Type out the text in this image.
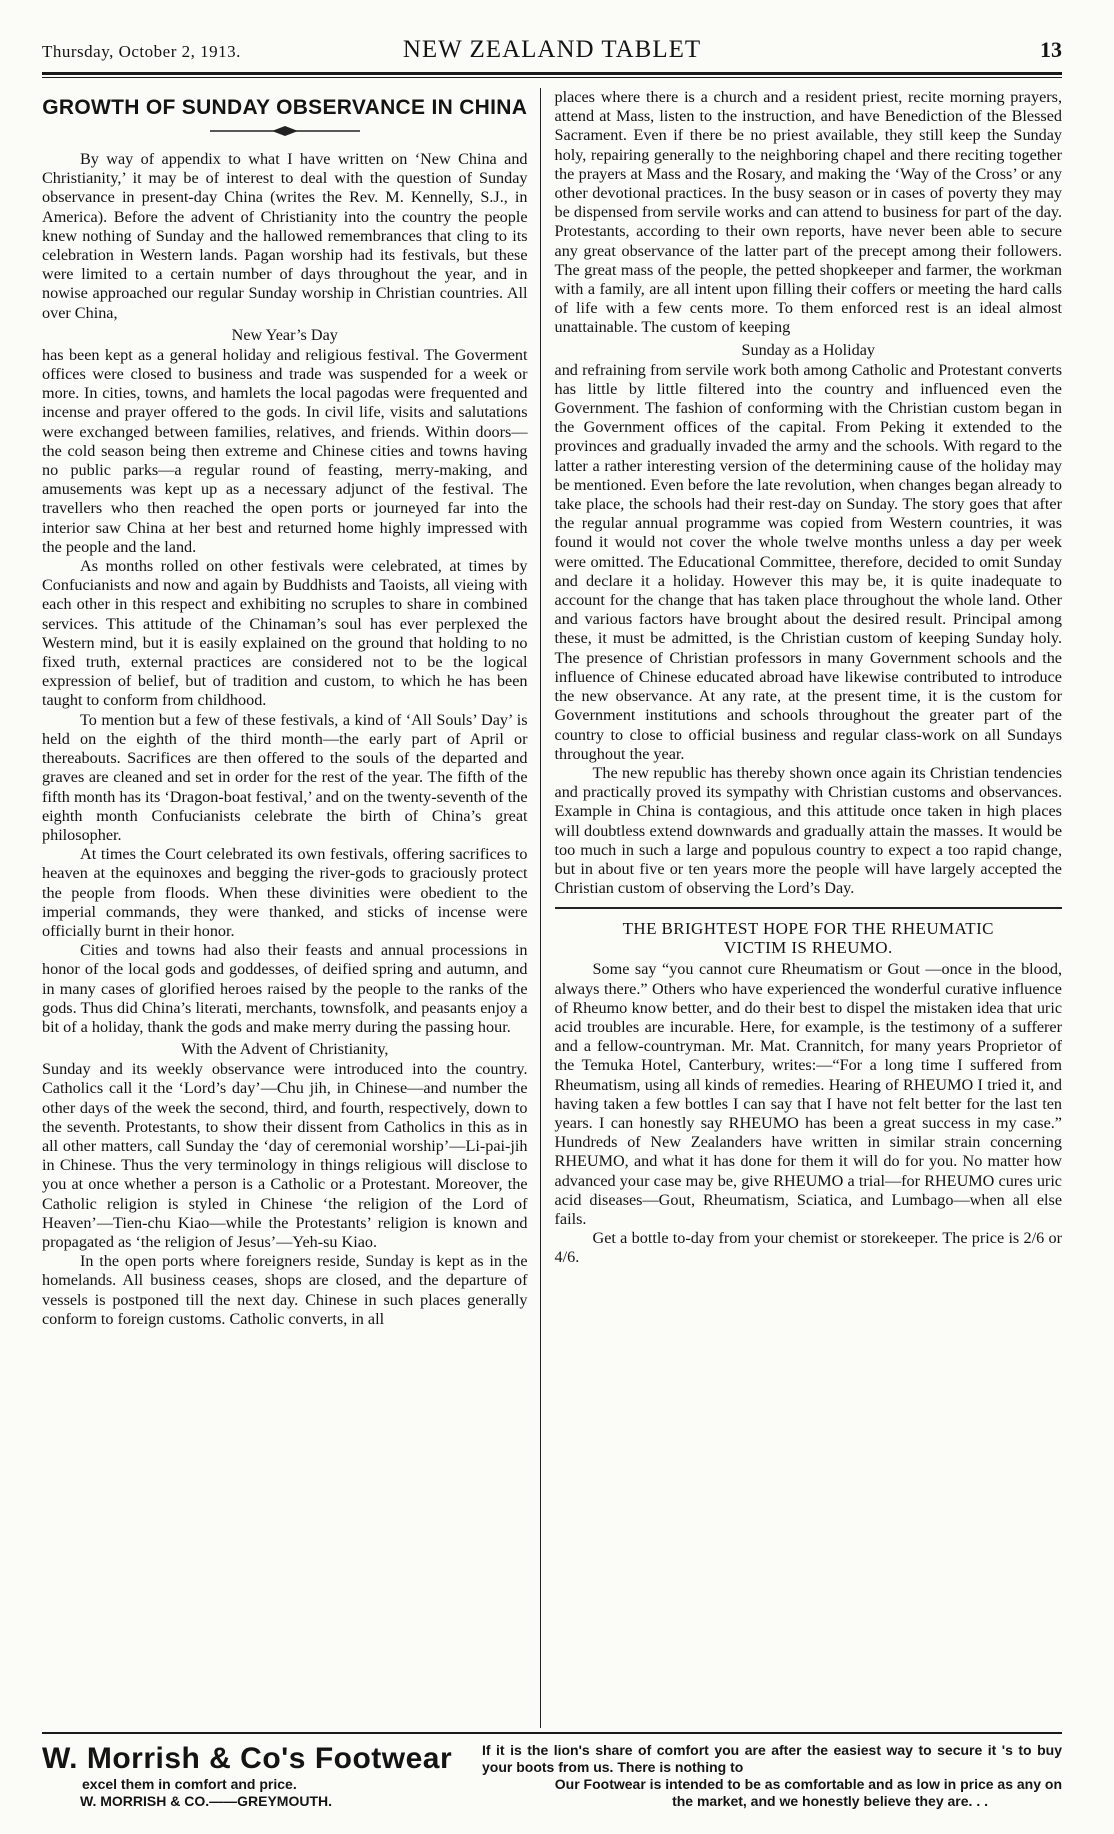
Thursday, October 2, 1913.	NEW ZEALAND TABLET	13
GROWTH OF SUNDAY OBSERVANCE IN CHINA
By way of appendix to what I have written on ‘New China and Christianity,’ it may be of interest to deal with the question of Sunday observance in present-day China (writes the Rev. M. Kennelly, S.J., in America). Before the advent of Christianity into the country the people knew nothing of Sunday and the hallowed remembrances that cling to its celebration in Western lands. Pagan worship had its festivals, but these were limited to a certain number of days throughout the year, and in nowise approached our regular Sunday worship in Christian countries. All over China,
New Year’s Day
has been kept as a general holiday and religious festival. The Goverment offices were closed to business and trade was suspended for a week or more. In cities, towns, and hamlets the local pagodas were frequented and incense and prayer offered to the gods. In civil life, visits and salutations were exchanged between families, relatives, and friends. Within doors—the cold season being then extreme and Chinese cities and towns having no public parks—a regular round of feasting, merry-making, and amusements was kept up as a necessary adjunct of the festival. The travellers who then reached the open ports or journeyed far into the interior saw China at her best and returned home highly impressed with the people and the land.
As months rolled on other festivals were celebrated, at times by Confucianists and now and again by Buddhists and Taoists, all vieing with each other in this respect and exhibiting no scruples to share in combined services. This attitude of the Chinaman’s soul has ever perplexed the Western mind, but it is easily explained on the ground that holding to no fixed truth, external practices are considered not to be the logical expression of belief, but of tradition and custom, to which he has been taught to conform from childhood.
To mention but a few of these festivals, a kind of ‘All Souls’ Day’ is held on the eighth of the third month—the early part of April or thereabouts. Sacrifices are then offered to the souls of the departed and graves are cleaned and set in order for the rest of the year. The fifth of the fifth month has its ‘Dragon-boat festival,’ and on the twenty-seventh of the eighth month Confucianists celebrate the birth of China’s great philosopher.
At times the Court celebrated its own festivals, offering sacrifices to heaven at the equinoxes and begging the river-gods to graciously protect the people from floods. When these divinities were obedient to the imperial commands, they were thanked, and sticks of incense were officially burnt in their honor.
Cities and towns had also their feasts and annual processions in honor of the local gods and goddesses, of deified spring and autumn, and in many cases of glorified heroes raised by the people to the ranks of the gods. Thus did China’s literati, merchants, townsfolk, and peasants enjoy a bit of a holiday, thank the gods and make merry during the passing hour.
With the Advent of Christianity,
Sunday and its weekly observance were introduced into the country. Catholics call it the ‘Lord’s day’—Chu jih, in Chinese—and number the other days of the week the second, third, and fourth, respectively, down to the seventh. Protestants, to show their dissent from Catholics in this as in all other matters, call Sunday the ‘day of ceremonial worship’—Li-pai-jih in Chinese. Thus the very terminology in things religious will disclose to you at once whether a person is a Catholic or a Protestant. Moreover, the Catholic religion is styled in Chinese ‘the religion of the Lord of Heaven’—Tien-chu Kiao—while the Protestants’ religion is known and propagated as ‘the religion of Jesus’—Yeh-su Kiao.
In the open ports where foreigners reside, Sunday is kept as in the homelands. All business ceases, shops are closed, and the departure of vessels is postponed till the next day. Chinese in such places generally conform to foreign customs. Catholic converts, in all
places where there is a church and a resident priest, recite morning prayers, attend at Mass, listen to the instruction, and have Benediction of the Blessed Sacrament. Even if there be no priest available, they still keep the Sunday holy, repairing generally to the neighboring chapel and there reciting together the prayers at Mass and the Rosary, and making the ‘Way of the Cross’ or any other devotional practices. In the busy season or in cases of poverty they may be dispensed from servile works and can attend to business for part of the day. Protestants, according to their own reports, have never been able to secure any great observance of the latter part of the precept among their followers. The great mass of the people, the petted shopkeeper and farmer, the workman with a family, are all intent upon filling their coffers or meeting the hard calls of life with a few cents more. To them enforced rest is an ideal almost unattainable. The custom of keeping
Sunday as a Holiday
and refraining from servile work both among Catholic and Protestant converts has little by little filtered into the country and influenced even the Government. The fashion of conforming with the Christian custom began in the Government offices of the capital. From Peking it extended to the provinces and gradually invaded the army and the schools. With regard to the latter a rather interesting version of the determining cause of the holiday may be mentioned. Even before the late revolution, when changes began already to take place, the schools had their rest-day on Sunday. The story goes that after the regular annual programme was copied from Western countries, it was found it would not cover the whole twelve months unless a day per week were omitted. The Educational Committee, therefore, decided to omit Sunday and declare it a holiday. However this may be, it is quite inadequate to account for the change that has taken place throughout the whole land. Other and various factors have brought about the desired result. Principal among these, it must be admitted, is the Christian custom of keeping Sunday holy. The presence of Christian professors in many Government schools and the influence of Chinese educated abroad have likewise contributed to introduce the new observance. At any rate, at the present time, it is the custom for Government institutions and schools throughout the greater part of the country to close to official business and regular class-work on all Sundays throughout the year.
The new republic has thereby shown once again its Christian tendencies and practically proved its sympathy with Christian customs and observances. Example in China is contagious, and this attitude once taken in high places will doubtless extend downwards and gradually attain the masses. It would be too much in such a large and populous country to expect a too rapid change, but in about five or ten years more the people will have largely accepted the Christian custom of observing the Lord’s Day.
THE BRIGHTEST HOPE FOR THE RHEUMATIC
VICTIM IS RHEUMO.
Some say “you cannot cure Rheumatism or Gout —once in the blood, always there.” Others who have experienced the wonderful curative influence of Rheumo know better, and do their best to dispel the mistaken idea that uric acid troubles are incurable. Here, for example, is the testimony of a sufferer and a fellow-countryman. Mr. Mat. Crannitch, for many years Proprietor of the Temuka Hotel, Canterbury, writes:—“For a long time I suffered from Rheumatism, using all kinds of remedies. Hearing of RHEUMO I tried it, and having taken a few bottles I can say that I have not felt better for the last ten years. I can honestly say RHEUMO has been a great success in my case.” Hundreds of New Zealanders have written in similar strain concerning RHEUMO, and what it has done for them it will do for you. No matter how advanced your case may be, give RHEUMO a trial—for RHEUMO cures uric acid diseases—Gout, Rheumatism, Sciatica, and Lumbago—when all else fails.
Get a bottle to-day from your chemist or storekeeper. The price is 2/6 or 4/6.
W. Morrish & Co's Footwear	If it is the lion's share of comfort you are after the easiest way to secure it 's to buy your boots from us. There is nothing to
excel them in comfort and price.	Our Footwear is intended to be as comfortable and as low in price as any on
W. MORRISH & CO.——GREYMOUTH.	the market, and we honestly believe they are. . .
